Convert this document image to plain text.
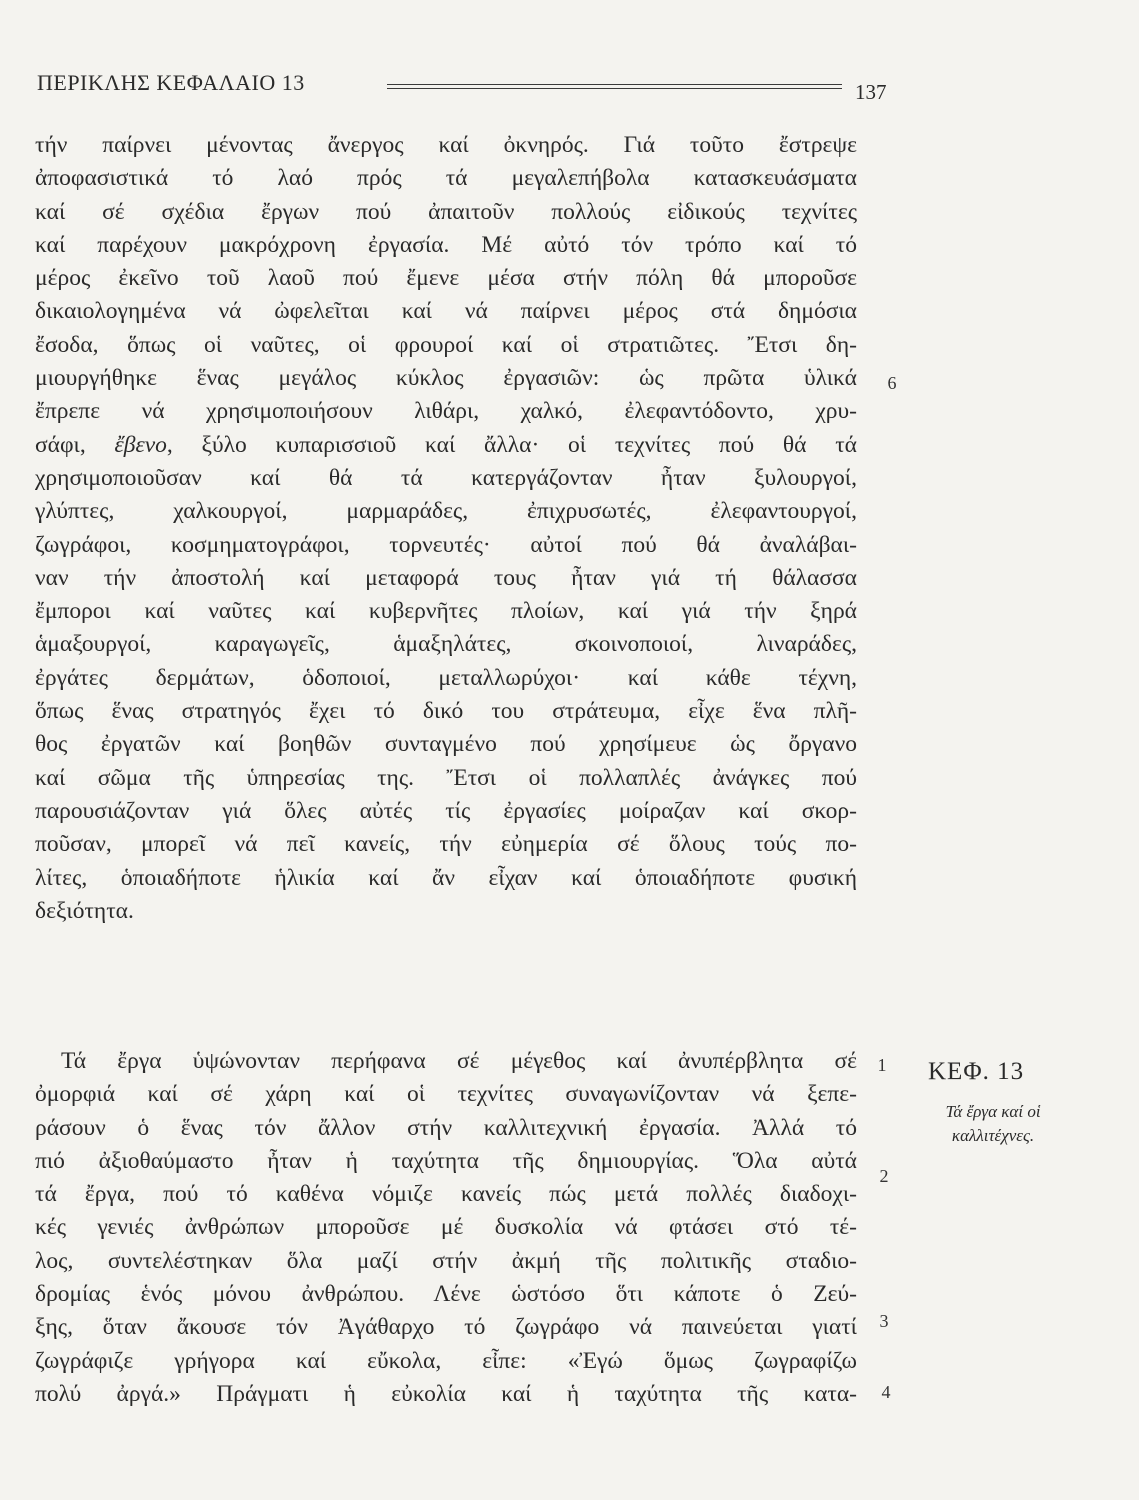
ΠΕΡΙΚΛΗΣ ΚΕΦΑΛΑΙΟ 13	137
τήν παίρνει μένοντας ἄνεργος καί ὀκνηρός. Γιά τοῦτο ἔστρεψε
ἀποφασιστικά τό λαό πρός τά μεγαλεπήβολα κατασκευάσματα
καί σέ σχέδια ἔργων πού ἀπαιτοῦν πολλούς εἰδικούς τεχνίτες
καί παρέχουν μακρόχρονη ἐργασία. Μέ αὐτό τόν τρόπο καί τό
μέρος ἐκεῖνο τοῦ λαοῦ πού ἔμενε μέσα στήν πόλη θά μποροῦσε
δικαιολογημένα νά ὠφελεῖται καί νά παίρνει μέρος στά δημόσια
ἔσοδα, ὅπως οἱ ναῦτες, οἱ φρουροί καί οἱ στρατιῶτες. Ἔτσι δη-
μιουργήθηκε ἕνας μεγάλος κύκλος ἐργασιῶν: ὡς πρῶτα ὑλικά
ἔπρεπε νά χρησιμοποιήσουν λιθάρι, χαλκό, ἐλεφαντόδοντο, χρυ-
σάφι, ἔβενο, ξύλο κυπαρισσιοῦ καί ἄλλα· οἱ τεχνίτες πού θά τά
χρησιμοποιοῦσαν καί θά τά κατεργάζονταν ἦταν ξυλουργοί,
γλύπτες, χαλκουργοί, μαρμαράδες, ἐπιχρυσωτές, ἐλεφαντουργοί,
ζωγράφοι, κοσμηματογράφοι, τορνευτές· αὐτοί πού θά ἀναλάβαι-
ναν τήν ἀποστολή καί μεταφορά τους ἦταν γιά τή θάλασσα
ἔμποροι καί ναῦτες καί κυβερνῆτες πλοίων, καί γιά τήν ξηρά
ἁμαξουργοί, καραγωγεῖς, ἁμαξηλάτες, σκοινοποιοί, λιναράδες,
ἐργάτες δερμάτων, ὁδοποιοί, μεταλλωρύχοι· καί κάθε τέχνη,
ὅπως ἕνας στρατηγός ἔχει τό δικό του στράτευμα, εἶχε ἕνα πλῆ-
θος ἐργατῶν καί βοηθῶν συνταγμένο πού χρησίμευε ὡς ὄργανο
καί σῶμα τῆς ὑπηρεσίας της. Ἔτσι οἱ πολλαπλές ἀνάγκες πού
παρουσιάζονταν γιά ὅλες αὐτές τίς ἐργασίες μοίραζαν καί σκορ-
ποῦσαν, μπορεῖ νά πεῖ κανείς, τήν εὐημερία σέ ὅλους τούς πο-
λίτες, ὁποιαδήποτε ἡλικία καί ἄν εἶχαν καί ὁποιαδήποτε φυσική
δεξιότητα.
6
Τά ἔργα ὑψώνονταν περήφανα σέ μέγεθος καί ἀνυπέρβλητα σέ
ὀμορφιά καί σέ χάρη καί οἱ τεχνίτες συναγωνίζονταν νά ξεπε-
ράσουν ὁ ἕνας τόν ἄλλον στήν καλλιτεχνική ἐργασία. Ἀλλά τό
πιό ἀξιοθαύμαστο ἦταν ἡ ταχύτητα τῆς δημιουργίας. Ὅλα αὐτά
τά ἔργα, πού τό καθένα νόμιζε κανείς πώς μετά πολλές διαδοχι-
κές γενιές ἀνθρώπων μποροῦσε μέ δυσκολία νά φτάσει στό τέ-
λος, συντελέστηκαν ὅλα μαζί στήν ἀκμή τῆς πολιτικῆς σταδιο-
δρομίας ἑνός μόνου ἀνθρώπου. Λένε ὡστόσο ὅτι κάποτε ὁ Ζεύ-
ξης, ὅταν ἄκουσε τόν Ἀγάθαρχο τό ζωγράφο νά παινεύεται γιατί
ζωγράφιζε γρήγορα καί εὔκολα, εἶπε: «Ἐγώ ὅμως ζωγραφίζω
πολύ ἀργά.» Πράγματι ἡ εὐκολία καί ἡ ταχύτητα τῆς κατα-
1
2
3
4
ΚΕΦ. 13
Τά ἔργα καί οἱ
καλλιτέχνες.
